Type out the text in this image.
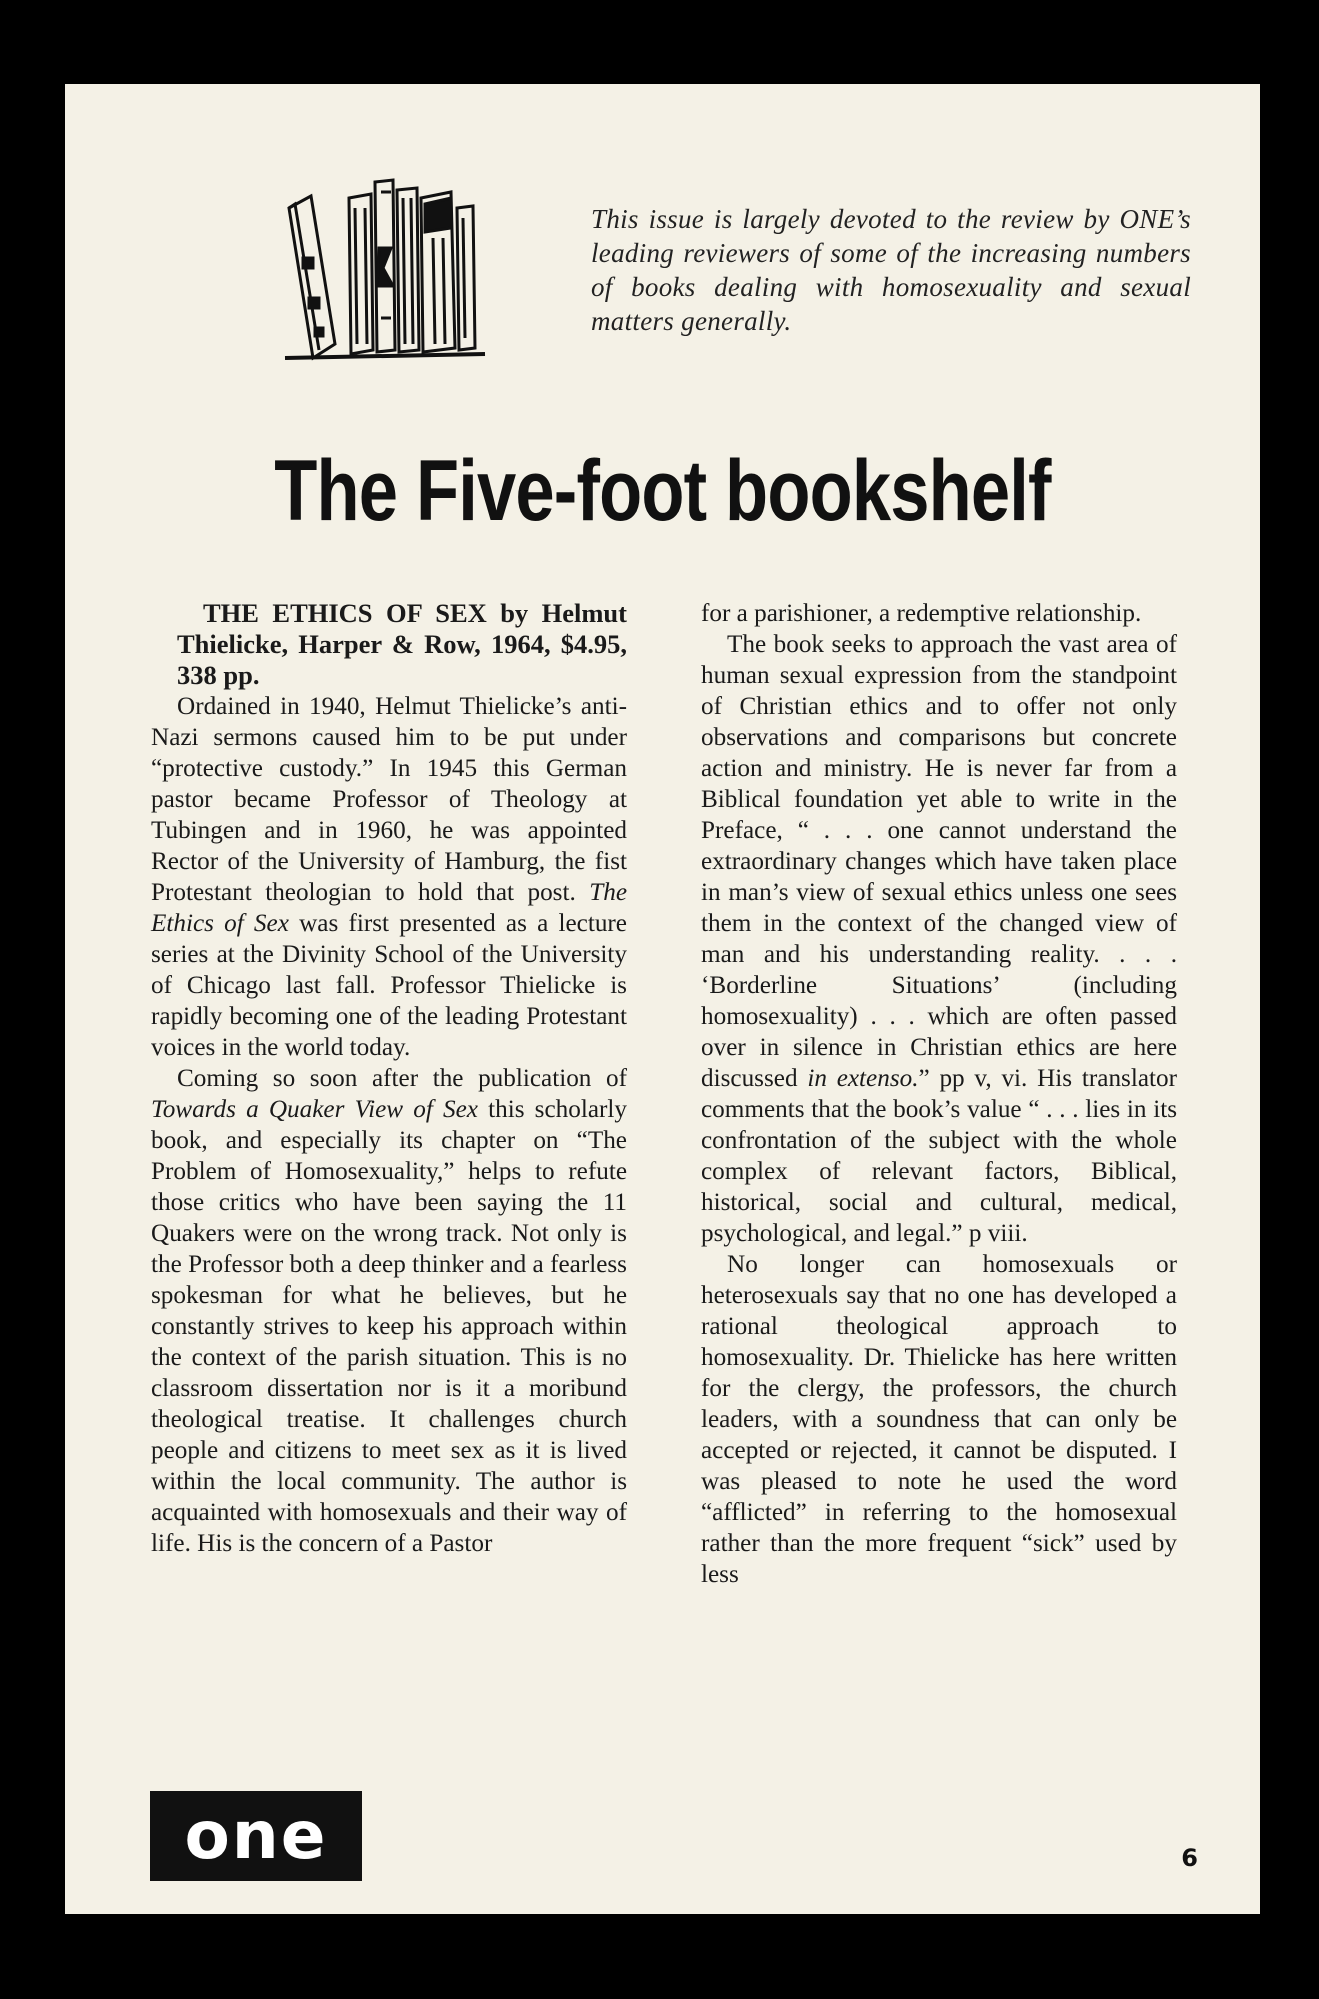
This issue is largely devoted to the review by ONE’s leading reviewers of some of the increasing numbers of books dealing with homosexuality and sexual matters generally.
The Five-foot bookshelf

THE ETHICS OF SEX by Helmut Thielicke, Harper & Row, 1964, $4.95, 338 pp.

Ordained in 1940, Helmut Thielicke’s anti-Nazi sermons caused him to be put under “protective custody.” In 1945 this German pastor became Professor of Theology at Tubingen and in 1960, he was appointed Rector of the University of Hamburg, the fist Protestant theologian to hold that post. The Ethics of Sex was first presented as a lecture series at the Divinity School of the University of Chicago last fall. Professor Thielicke is rapidly becoming one of the leading Protestant voices in the world today.

Coming so soon after the publication of Towards a Quaker View of Sex this scholarly book, and especially its chapter on “The Problem of Homosexuality,” helps to refute those critics who have been saying the 11 Quakers were on the wrong track. Not only is the Professor both a deep thinker and a fearless spokesman for what he believes, but he constantly strives to keep his approach within the context of the parish situation. This is no classroom dissertation nor is it a moribund theological treatise. It challenges church people and citizens to meet sex as it is lived within the local community. The author is acquainted with homosexuals and their way of life. His is the concern of a Pastor

for a parishioner, a redemptive relationship.

The book seeks to approach the vast area of human sexual expression from the standpoint of Christian ethics and to offer not only observations and comparisons but concrete action and ministry. He is never far from a Biblical foundation yet able to write in the Preface, “ . . . one cannot understand the extraordinary changes which have taken place in man’s view of sexual ethics unless one sees them in the context of the changed view of man and his understanding reality. . . . ‘Borderline Situations’ (including homosexuality) . . . which are often passed over in silence in Christian ethics are here discussed in extenso.” pp v, vi. His translator comments that the book’s value “ . . . lies in its confrontation of the subject with the whole complex of relevant factors, Biblical, historical, social and cultural, medical, psychological, and legal.” p viii.

No longer can homosexuals or heterosexuals say that no one has developed a rational theological approach to homosexuality. Dr. Thielicke has here written for the clergy, the professors, the church leaders, with a soundness that can only be accepted or rejected, it cannot be disputed. I was pleased to note he used the word “afflicted” in referring to the homosexual rather than the more frequent “sick” used by less

one	6
